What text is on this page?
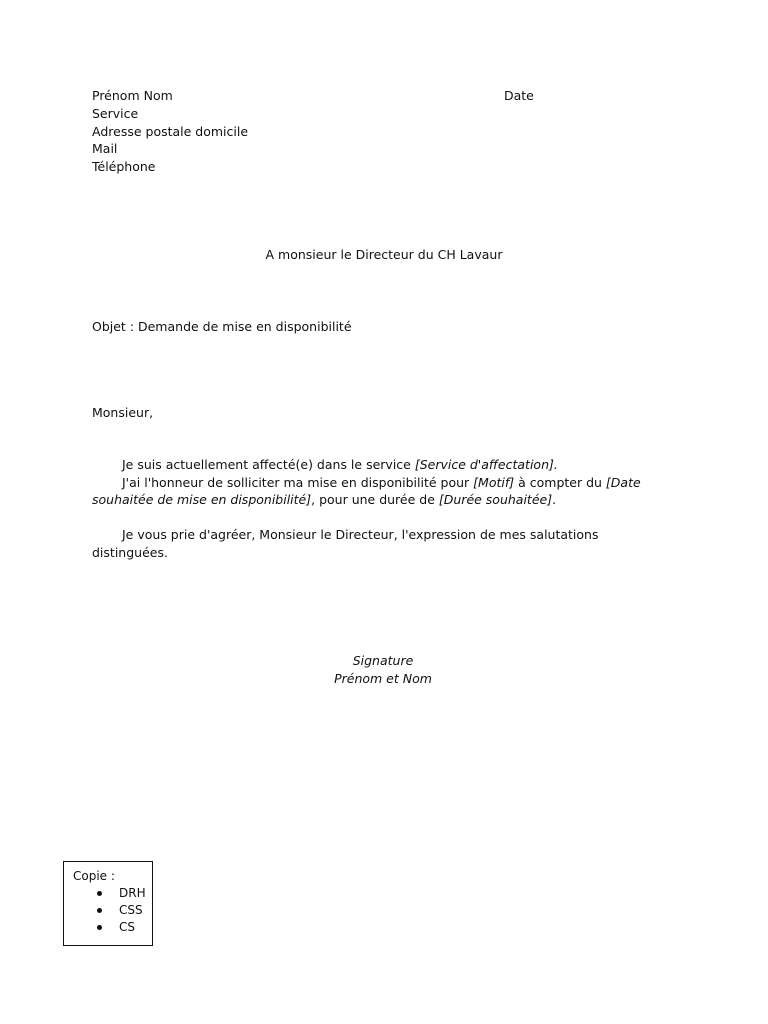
Prénom Nom
Service
Adresse postale domicile
Mail
Téléphone
Date
A monsieur le Directeur du CH Lavaur
Objet : Demande de mise en disponibilité
Monsieur,

Je suis actuellement affecté(e) dans le service [Service d'affectation].

J'ai l'honneur de solliciter ma mise en disponibilité pour [Motif] à compter du [Date souhaitée de mise en disponibilité], pour une durée de [Durée souhaitée].

Je vous prie d'agréer, Monsieur le Directeur, l'expression de mes salutations distinguées.

Signature
Prénom et Nom
Copie :
DRH
CSS
CS
